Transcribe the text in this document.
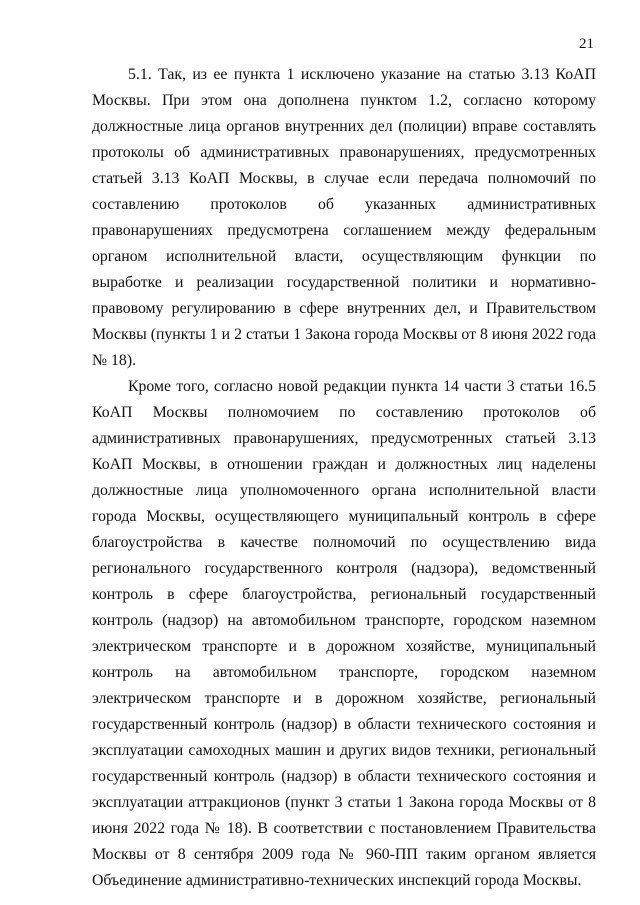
21

5.1. Так, из ее пункта 1 исключено указание на статью 3.13 КоАП Москвы. При этом она дополнена пунктом 1.2, согласно которому должностные лица органов внутренних дел (полиции) вправе составлять протоколы об административных правонарушениях, предусмотренных статьей 3.13 КоАП Москвы, в случае если передача полномочий по составлению протоколов об указанных административных правонарушениях предусмотрена соглашением между федеральным органом исполнительной власти, осуществляющим функции по выработке и реализации государственной политики и нормативно-правовому регулированию в сфере внутренних дел, и Правительством Москвы (пункты 1 и 2 статьи 1 Закона города Москвы от 8 июня 2022 года № 18).

Кроме того, согласно новой редакции пункта 14 части 3 статьи 16.5 КоАП Москвы полномочием по составлению протоколов об административных правонарушениях, предусмотренных статьей 3.13 КоАП Москвы, в отношении граждан и должностных лиц наделены должностные лица уполномоченного органа исполнительной власти города Москвы, осуществляющего муниципальный контроль в сфере благоустройства в качестве полномочий по осуществлению вида регионального государственного контроля (надзора), ведомственный контроль в сфере благоустройства, региональный государственный контроль (надзор) на автомобильном транспорте, городском наземном электрическом транспорте и в дорожном хозяйстве, муниципальный контроль на автомобильном транспорте, городском наземном электрическом транспорте и в дорожном хозяйстве, региональный государственный контроль (надзор) в области технического состояния и эксплуатации самоходных машин и других видов техники, региональный государственный контроль (надзор) в области технического состояния и эксплуатации аттракционов (пункт 3 статьи 1 Закона города Москвы от 8 июня 2022 года № 18). В соответствии с постановлением Правительства Москвы от 8 сентября 2009 года № 960-ПП таким органом является Объединение административно-технических инспекций города Москвы.
